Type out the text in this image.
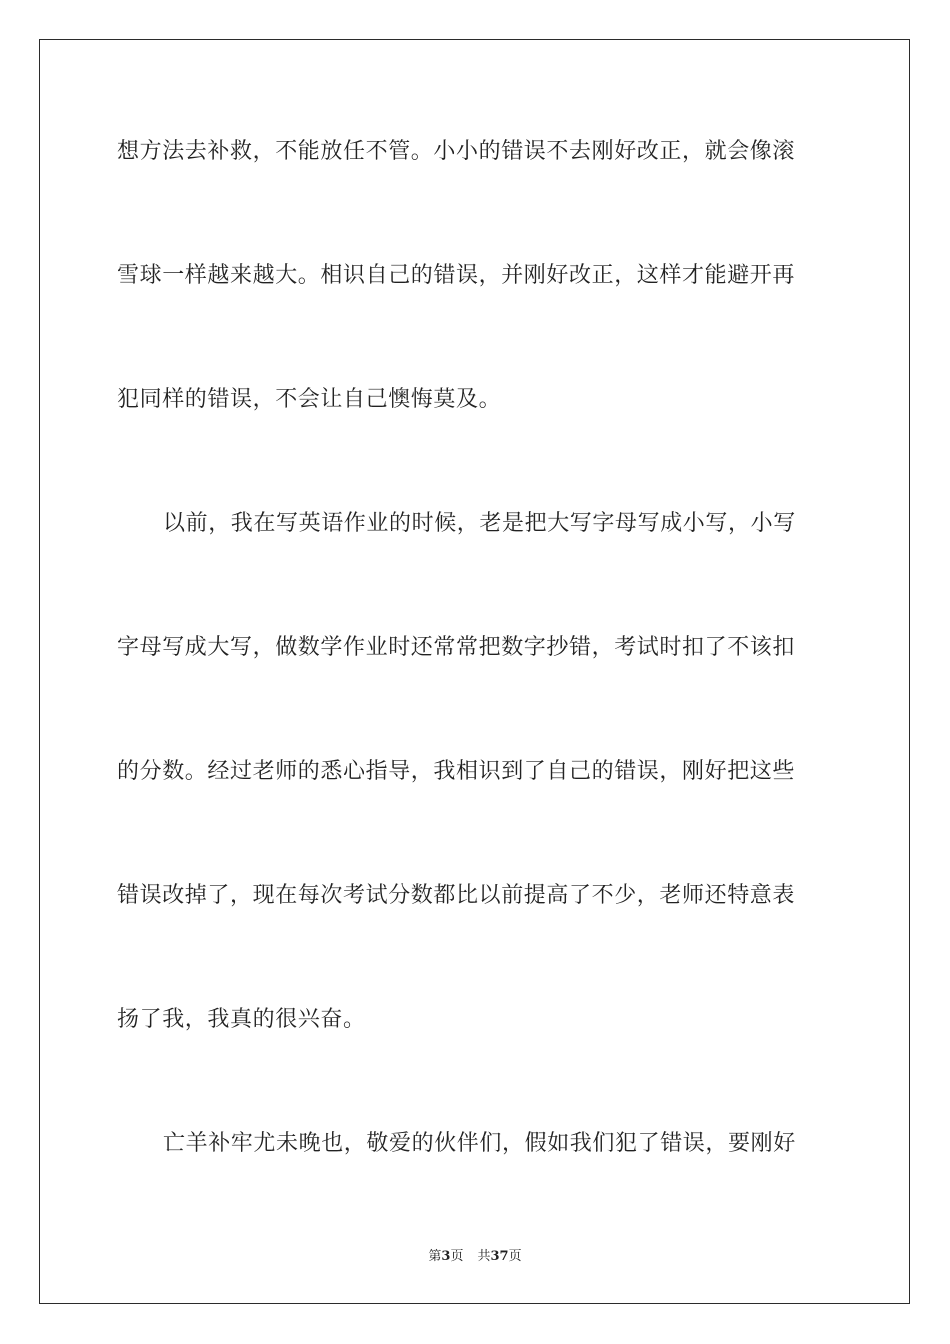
想方法去补救，不能放任不管。小小的错误不去刚好改正，就会像滚
雪球一样越来越大。相识自己的错误，并刚好改正，这样才能避开再
犯同样的错误，不会让自己懊悔莫及。
以前，我在写英语作业的时候，老是把大写字母写成小写，小写
字母写成大写，做数学作业时还常常把数字抄错，考试时扣了不该扣
的分数。经过老师的悉心指导，我相识到了自己的错误，刚好把这些
错误改掉了，现在每次考试分数都比以前提高了不少，老师还特意表
扬了我，我真的很兴奋。
亡羊补牢尤未晚也，敬爱的伙伴们，假如我们犯了错误，要刚好
第3页 共37页
